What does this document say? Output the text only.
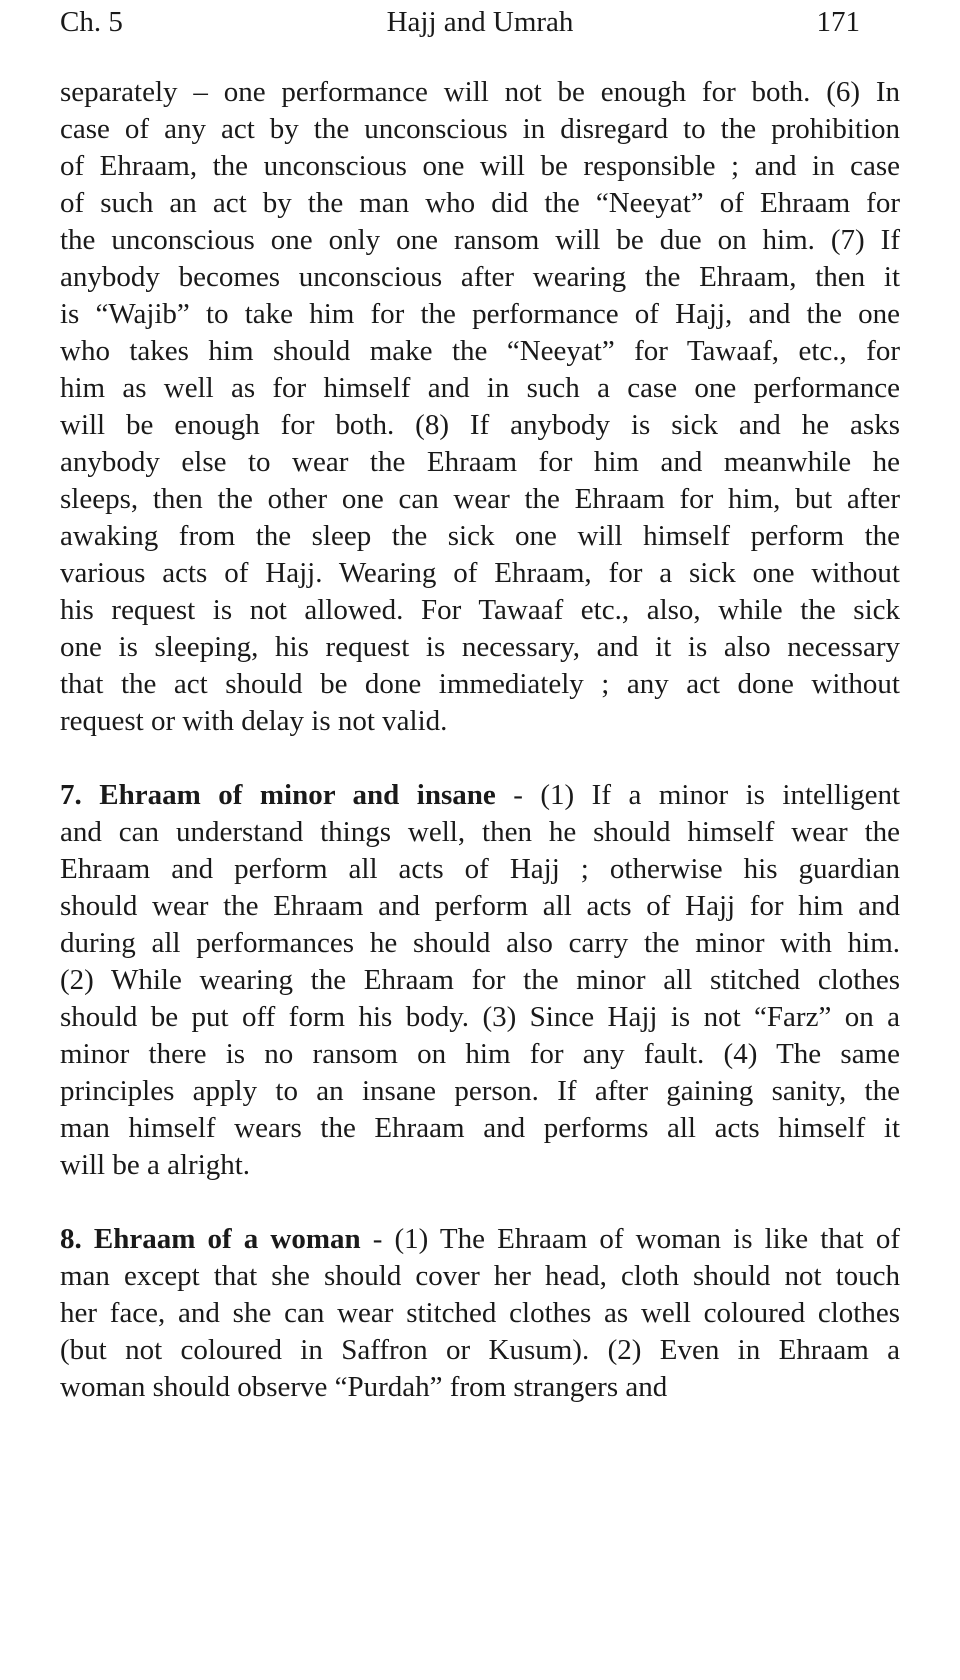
Ch. 5	Hajj and Umrah	171
separately – one performance will not be enough for both. (6) In
case of any act by the unconscious in disregard to the prohibition
of Ehraam, the unconscious one will be responsible ; and in case
of such an act by the man who did the “Neeyat” of Ehraam for
the unconscious one only one ransom will be due on him. (7) If
anybody becomes unconscious after wearing the Ehraam, then it
is “Wajib” to take him for the performance of Hajj, and the one
who takes him should make the “Neeyat” for Tawaaf, etc., for
him as well as for himself and in such a case one performance
will be enough for both. (8) If anybody is sick and he asks
anybody else to wear the Ehraam for him and meanwhile he
sleeps, then the other one can wear the Ehraam for him, but after
awaking from the sleep the sick one will himself perform the
various acts of Hajj. Wearing of Ehraam, for a sick one without
his request is not allowed. For Tawaaf etc., also, while the sick
one is sleeping, his request is necessary, and it is also necessary
that the act should be done immediately ; any act done without
request or with delay is not valid.
7. Ehraam of minor and insane - (1) If a minor is intelligent
and can understand things well, then he should himself wear the
Ehraam and perform all acts of Hajj ; otherwise his guardian
should wear the Ehraam and perform all acts of Hajj for him and
during all performances he should also carry the minor with him.
(2) While wearing the Ehraam for the minor all stitched clothes
should be put off form his body. (3) Since Hajj is not “Farz” on a
minor there is no ransom on him for any fault. (4) The same
principles apply to an insane person. If after gaining sanity, the
man himself wears the Ehraam and performs all acts himself it
will be a alright.
8. Ehraam of a woman - (1) The Ehraam of woman is like that of
man except that she should cover her head, cloth should not touch
her face, and she can wear stitched clothes as well coloured clothes
(but not coloured in Saffron or Kusum). (2) Even in Ehraam a
woman should observe “Purdah” from strangers and
